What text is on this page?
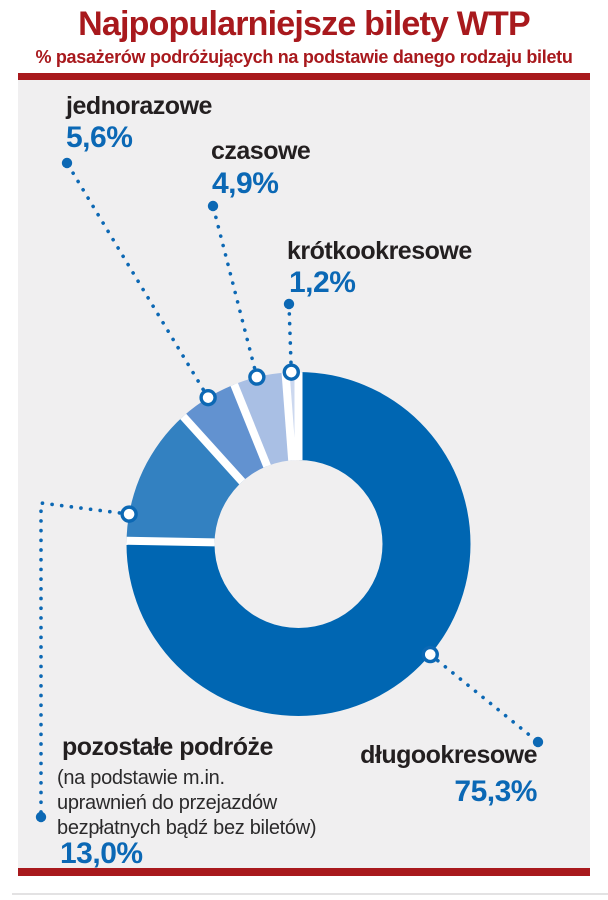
Najpopularniejsze bilety WTP
% pasażerów podróżujących na podstawie danego rodzaju biletu
jednorazowe
5,6%	czasowe
4,9%
krótkookresowe
1,2%
pozostałe podróże
(na podstawie m.in.
uprawnień do przejazdów
bezpłatnych bądź bez biletów)
13,0%
długookresowe
75,3%
